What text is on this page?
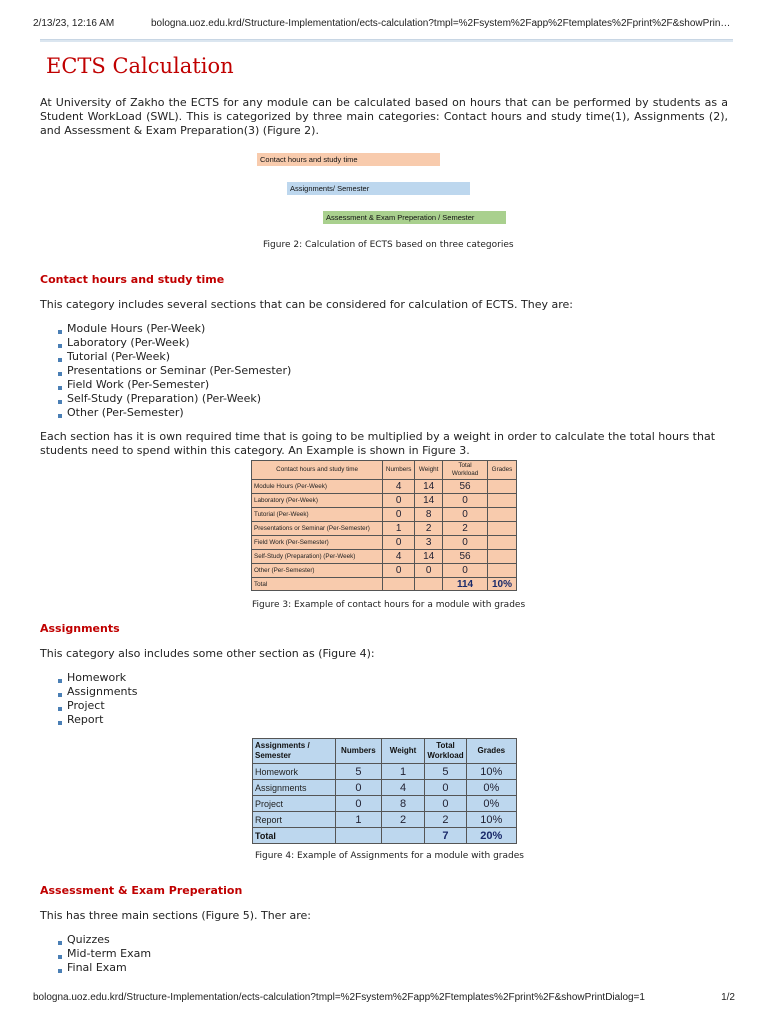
2/13/23, 12:16 AM	bologna.uoz.edu.krd/Structure-Implementation/ects-calculation?tmpl=%2Fsystem%2Fapp%2Ftemplates%2Fprint%2F&showPrin…
ECTS Calculation

At University of Zakho the ECTS for any module can be calculated based on hours that can be performed by students as a Student WorkLoad (SWL). This is categorized by three main categories: Contact hours and study time(1), Assignments (2), and Assessment & Exam Preparation(3) (Figure 2).

Contact hours and study time
Assignments/ Semester
Assessment & Exam Preperation / Semester
Figure 2: Calculation of ECTS based on three categories
Contact hours and study time

This category includes several sections that can be considered for calculation of ECTS. They are:

Module Hours (Per-Week)
Laboratory (Per-Week)
Tutorial (Per-Week)
Presentations or Seminar (Per-Semester)
Field Work (Per-Semester)
Self-Study (Preparation) (Per-Week)
Other (Per-Semester)

Each section has it is own required time that is going to be multiplied by a weight in order to calculate the total hours that students need to spend within this category. An Example is shown in Figure 3.

Contact hours and study time	Numbers	Weight	Total Workload	Grades
Module Hours (Per-Week)	4	14	56	
Laboratory (Per-Week)	0	14	0	
Tutorial (Per-Week)	0	8	0	
Presentations or Seminar (Per-Semester)	1	2	2	
Field Work (Per-Semester)	0	3	0	
Self-Study (Preparation) (Per-Week)	4	14	56	
Other (Per-Semester)	0	0	0	
Total			114	10%
Figure 3: Example of contact hours for a module with grades
Assignments

This category also includes some other section as (Figure 4):

Homework
Assignments
Project
Report
Assignments / Semester	Numbers	Weight	Total Workload	Grades
Homework	5	1	5	10%
Assignments	0	4	0	0%
Project	0	8	0	0%
Report	1	2	2	10%
Total			7	20%
Figure 4: Example of Assignments for a module with grades
Assessment & Exam Preperation

This has three main sections (Figure 5). Ther are:

Quizzes
Mid-term Exam
Final Exam
bologna.uoz.edu.krd/Structure-Implementation/ects-calculation?tmpl=%2Fsystem%2Fapp%2Ftemplates%2Fprint%2F&showPrintDialog=1	1/2
